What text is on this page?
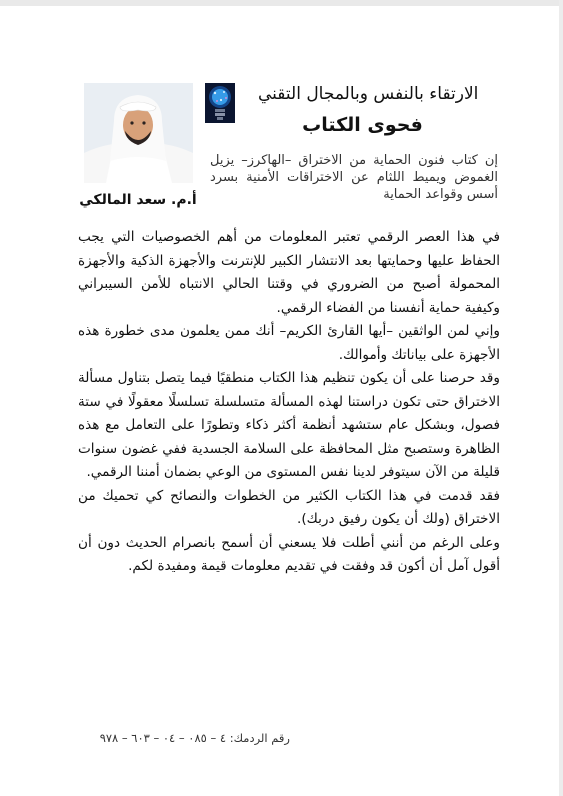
الارتقاء بالنفس وبالمجال التقني
فحوى الكتاب

إن كتاب فنون الحماية من الاختراق –الهاكرز– يزيل الغموض ويميط اللثام عن الاختراقات الأمنية بسرد أسس وقواعد الحماية

أ.م. سعد المالكي

في هذا العصر الرقمي تعتبر المعلومات من أهم الخصوصيات التي يجب الحفاظ عليها وحمايتها بعد الانتشار الكبير للإنترنت والأجهزة الذكية والأجهزة المحمولة أصبح من الضروري في وقتنا الحالي الانتباه للأمن السيبراني وكيفية حماية أنفسنا من الفضاء الرقمي.

وإني لمن الواثقين –أيها القارئ الكريم– أنك ممن يعلمون مدى خطورة هذه الأجهزة على بياناتك وأموالك.

وقد حرصنا على أن يكون تنظيم هذا الكتاب منطقيًا فيما يتصل بتناول مسألة الاختراق حتى تكون دراستنا لهذه المسألة متسلسلة تسلسلًا معقولًا في ستة فصول، وبشكل عام ستشهد أنظمة أكثر ذكاء وتطورًا على التعامل مع هذه الظاهرة وستصبح مثل المحافظة على السلامة الجسدية ففي غضون سنوات قليلة من الآن سيتوفر لدينا نفس المستوى من الوعي بضمان أمننا الرقمي.

فقد قدمت في هذا الكتاب الكثير من الخطوات والنصائح كي تحميك من الاختراق (ولك أن يكون رفيق دربك).

وعلى الرغم من أنني أطلت فلا يسعني أن أسمح بانصرام الحديث دون أن أقول آمل أن أكون قد وفقت في تقديم معلومات قيمة ومفيدة لكم.

رقم الردمك: ٤ – ٠٨٥ – ٠٤ – ٦٠٣ – ٩٧٨
